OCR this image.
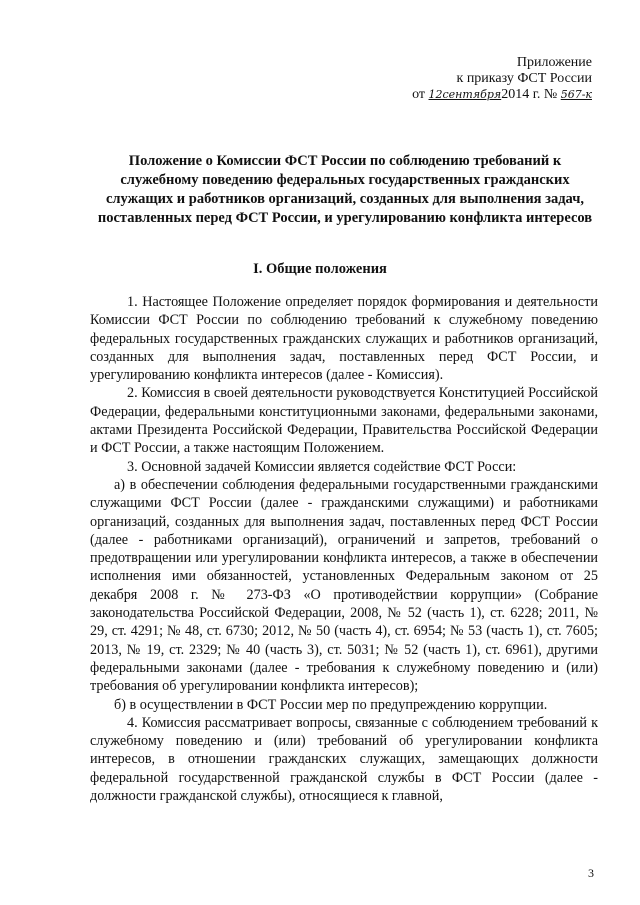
Приложение
к приказу ФСТ России
от 12сентября2014 г. № 567-к
Положение о Комиссии ФСТ России по соблюдению требований к служебному поведению федеральных государственных гражданских служащих и работников организаций, созданных для выполнения задач, поставленных перед ФСТ России, и урегулированию конфликта интересов
I. Общие положения

1. Настоящее Положение определяет порядок формирования и деятельности Комиссии ФСТ России по соблюдению требований к служебному поведению федеральных государственных гражданских служащих и работников организаций, созданных для выполнения задач, поставленных перед ФСТ России, и урегулированию конфликта интересов (далее - Комиссия).

2. Комиссия в своей деятельности руководствуется Конституцией Российской Федерации, федеральными конституционными законами, федеральными законами, актами Президента Российской Федерации, Правительства Российской Федерации и ФСТ России, а также настоящим Положением.

3. Основной задачей Комиссии является содействие ФСТ Росси:

а) в обеспечении соблюдения федеральными государственными гражданскими служащими ФСТ России (далее - гражданскими служащими) и работниками организаций, созданных для выполнения задач, поставленных перед ФСТ России (далее - работниками организаций), ограничений и запретов, требований о предотвращении или урегулировании конфликта интересов, а также в обеспечении исполнения ими обязанностей, установленных Федеральным законом от 25 декабря 2008 г. № 273-ФЗ «О противодействии коррупции» (Собрание законодательства Российской Федерации, 2008, № 52 (часть 1), ст. 6228; 2011, № 29, ст. 4291; № 48, ст. 6730; 2012, № 50 (часть 4), ст. 6954; № 53 (часть 1), ст. 7605; 2013, № 19, ст. 2329; № 40 (часть 3), ст. 5031; № 52 (часть 1), ст. 6961), другими федеральными законами (далее - требования к служебному поведению и (или) требования об урегулировании конфликта интересов);

б) в осуществлении в ФСТ России мер по предупреждению коррупции.

4. Комиссия рассматривает вопросы, связанные с соблюдением требований к служебному поведению и (или) требований об урегулировании конфликта интересов, в отношении гражданских служащих, замещающих должности федеральной государственной гражданской службы в ФСТ России (далее - должности гражданской службы), относящиеся к главной,

3
